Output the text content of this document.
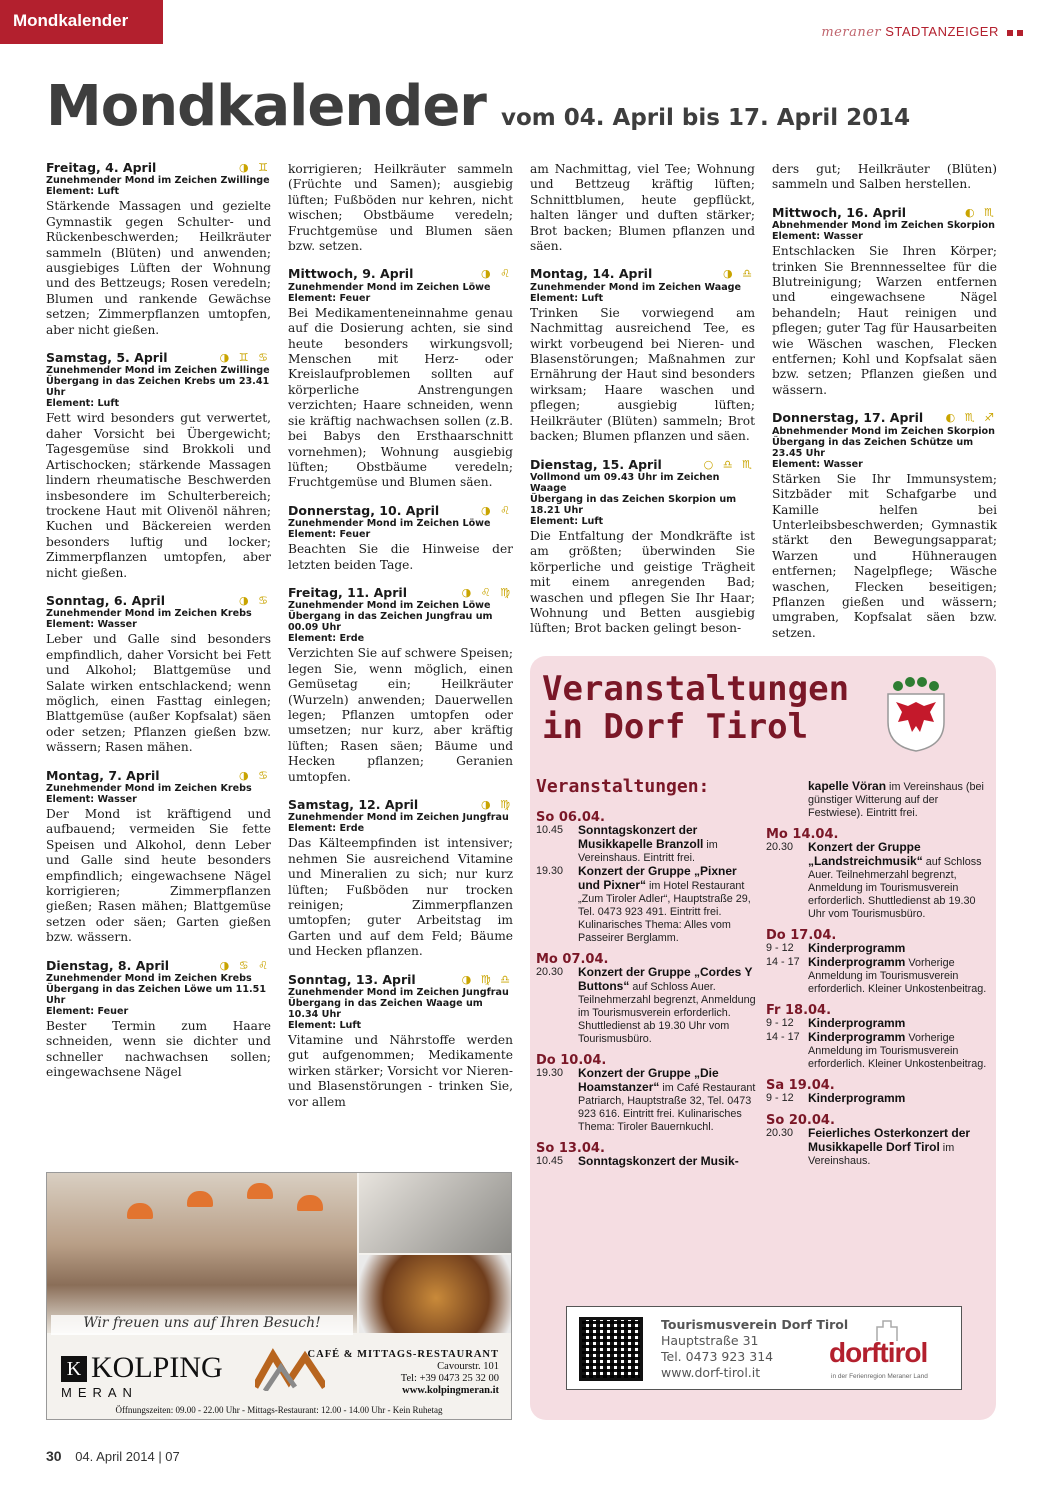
Mondkalender
meraner STADTANZEIGER
Mondkalender vom 04. April bis 17. April 2014
Freitag, 4. April	◑ ♊
Zunehmender Mond im Zeichen Zwillinge
Element: Luft
Stärkende Massagen und gezielte Gymnastik gegen Schulter- und Rückenbeschwerden; Heilkräuter sammeln (Blüten) und anwenden; ausgiebiges Lüften der Wohnung und des Bettzeugs; Rosen veredeln; Blumen und rankende Gewächse setzen; Zimmerpflanzen umtopfen, aber nicht gießen.
Samstag, 5. April	◑ ♊ ♋
Zunehmender Mond im Zeichen Zwillinge
Übergang in das Zeichen Krebs um 23.41 Uhr
Element: Luft
Fett wird besonders gut verwertet, daher Vorsicht bei Übergewicht; Tagesgemüse sind Brokkoli und Artischocken; stärkende Massagen lindern rheumatische Beschwerden insbesondere im Schulterbereich; trockene Haut mit Olivenöl nähren; Kuchen und Bäckereien werden besonders luftig und locker; Zimmerpflanzen umtopfen, aber nicht gießen.
Sonntag, 6. April	◑ ♋
Zunehmender Mond im Zeichen Krebs
Element: Wasser
Leber und Galle sind besonders empfindlich, daher Vorsicht bei Fett und Alkohol; Blattgemüse und Salate wirken entschlackend; wenn möglich, einen Fasttag einlegen; Blattgemüse (außer Kopfsalat) säen oder setzen; Pflanzen gießen bzw. wässern; Rasen mähen.
Montag, 7. April	◑ ♋
Zunehmender Mond im Zeichen Krebs
Element: Wasser
Der Mond ist kräftigend und aufbauend; vermeiden Sie fette Speisen und Alkohol, denn Leber und Galle sind heute besonders empfindlich; eingewachsene Nägel korrigieren; Zimmerpflanzen gießen; Rasen mähen; Blattgemüse setzen oder säen; Garten gießen bzw. wässern.
Dienstag, 8. April	◑ ♋ ♌
Zunehmender Mond im Zeichen Krebs
Übergang in das Zeichen Löwe um 11.51 Uhr
Element: Feuer
Bester Termin zum Haare schneiden, wenn sie dichter und schneller nachwachsen sollen; eingewachsene Nägel
korrigieren; Heilkräuter sammeln (Früchte und Samen); ausgiebig lüften; Fußböden nur kehren, nicht wischen; Obstbäume veredeln; Fruchtgemüse und Blumen säen bzw. setzen.
Mittwoch, 9. April	◑ ♌
Zunehmender Mond im Zeichen Löwe
Element: Feuer
Bei Medikamenteneinnahme genau auf die Dosierung achten, sie sind heute besonders wirkungsvoll; Menschen mit Herz- oder Kreislaufproblemen sollten auf körperliche Anstrengungen verzichten; Haare schneiden, wenn sie kräftig nachwachsen sollen (z.B. bei Babys den Ersthaarschnitt vornehmen); Wohnung ausgiebig lüften; Obstbäume veredeln; Fruchtgemüse und Blumen säen.
Donnerstag, 10. April	◑ ♌
Zunehmender Mond im Zeichen Löwe
Element: Feuer
Beachten Sie die Hinweise der letzten beiden Tage.
Freitag, 11. April	◑ ♌ ♍
Zunehmender Mond im Zeichen Löwe
Übergang in das Zeichen Jungfrau um 00.09 Uhr
Element: Erde
Verzichten Sie auf schwere Speisen; legen Sie, wenn möglich, einen Gemüsetag ein; Heilkräuter (Wurzeln) anwenden; Dauerwellen legen; Pflanzen umtopfen oder umsetzen; nur kurz, aber kräftig lüften; Rasen säen; Bäume und Hecken pflanzen; Geranien umtopfen.
Samstag, 12. April	◑ ♍
Zunehmender Mond im Zeichen Jungfrau
Element: Erde
Das Kälteempfinden ist intensiver; nehmen Sie ausreichend Vitamine und Mineralien zu sich; nur kurz lüften; Fußböden nur trocken reinigen; Zimmerpflanzen umtopfen; guter Arbeitstag im Garten und auf dem Feld; Bäume und Hecken pflanzen.
Sonntag, 13. April	◑ ♍ ♎
Zunehmender Mond im Zeichen Jungfrau
Übergang in das Zeichen Waage um 10.34 Uhr
Element: Luft
Vitamine und Nährstoffe werden gut aufgenommen; Medikamente wirken stärker; Vorsicht vor Nieren- und Blasenstörungen - trinken Sie, vor allem
am Nachmittag, viel Tee; Wohnung und Bettzeug kräftig lüften; Schnittblumen, heute gepflückt, halten länger und duften stärker; Brot backen; Blumen pflanzen und säen.
Montag, 14. April	◑ ♎
Zunehmender Mond im Zeichen Waage
Element: Luft
Trinken Sie vorwiegend am Nachmittag ausreichend Tee, es wirkt vorbeugend bei Nieren- und Blasenstörungen; Maßnahmen zur Ernährung der Haut sind besonders wirksam; Haare waschen und pflegen; ausgiebig lüften; Heilkräuter (Blüten) sammeln; Brot backen; Blumen pflanzen und säen.
Dienstag, 15. April	○ ♎ ♏
Vollmond um 09.43 Uhr im Zeichen Waage
Übergang in das Zeichen Skorpion um 18.21 Uhr
Element: Luft
Die Entfaltung der Mondkräfte ist am größten; überwinden Sie körperliche und geistige Trägheit mit einem anregenden Bad; waschen und pflegen Sie Ihr Haar; Wohnung und Betten ausgiebig lüften; Brot backen gelingt beson-
ders gut; Heilkräuter (Blüten) sammeln und Salben herstellen.
Mittwoch, 16. April	◐ ♏
Abnehmender Mond im Zeichen Skorpion
Element: Wasser
Entschlacken Sie Ihren Körper; trinken Sie Brennnesseltee für die Blutreinigung; Warzen entfernen und eingewachsene Nägel behandeln; Haut reinigen und pflegen; guter Tag für Hausarbeiten wie Wäschen waschen, Flecken entfernen; Kohl und Kopfsalat säen bzw. setzen; Pflanzen gießen und wässern.
Donnerstag, 17. April ◐ ♏ ♐
Abnehmender Mond im Zeichen Skorpion
Übergang in das Zeichen Schütze um 23.45 Uhr
Element: Wasser
Stärken Sie Ihr Immunsystem; Sitzbäder mit Schafgarbe und Kamille helfen bei Unterleibsbeschwerden; Gymnastik stärkt den Bewegungsapparat; Warzen und Hühneraugen entfernen; Nagelpflege; Wäsche waschen, Flecken beseitigen; Pflanzen gießen und wässern; umgraben, Kopfsalat säen bzw. setzen.
Wir freuen uns auf Ihren Besuch!
K KOLPING
MERAN
CAFÉ & MITTAGS-RESTAURANT
Cavourstr. 101
Tel: +39 0473 25 32 00
www.kolpingmeran.it
Öffnungszeiten: 09.00 - 22.00 Uhr - Mittags-Restaurant: 12.00 - 14.00 Uhr - Kein Ruhetag
Veranstaltungen
in Dorf Tirol
Veranstaltungen:
So 06.04.
10.45	Sonntagskonzert der Musikkapelle Branzoll im Vereinshaus. Eintritt frei.
19.30	Konzert der Gruppe „Pixner und Pixner“ im Hotel Restaurant „Zum Tiroler Adler“, Hauptstraße 29, Tel. 0473 923 491. Eintritt frei. Kulinarisches Thema: Alles vom Passeirer Berglamm.
Mo 07.04.
20.30	Konzert der Gruppe „Cordes Y Buttons“ auf Schloss Auer. Teilnehmerzahl begrenzt, Anmeldung im Tourismusverein erforderlich. Shuttledienst ab 19.30 Uhr vom Tourismusbüro.
Do 10.04.
19.30	Konzert der Gruppe „Die Hoamstanzer“ im Café Restaurant Patriarch, Hauptstraße 32, Tel. 0473 923 616. Eintritt frei. Kulinarisches Thema: Tiroler Bauernkuchl.
So 13.04.
10.45	Sonntagskonzert der Musik-
kapelle Vöran im Vereinshaus (bei günstiger Witterung auf der Festwiese). Eintritt frei.
Mo 14.04.
20.30	Konzert der Gruppe „Landstreichmusik“ auf Schloss Auer. Teilnehmerzahl begrenzt, Anmeldung im Tourismusverein erforderlich. Shuttledienst ab 19.30 Uhr vom Tourismusbüro.
Do 17.04.
9 - 12	Kinderprogramm
14 - 17 Kinderprogramm Vorherige Anmeldung im Tourismusverein erforderlich. Kleiner Unkostenbeitrag.
Fr 18.04.
9 - 12	Kinderprogramm
14 - 17 Kinderprogramm Vorherige Anmeldung im Tourismusverein erforderlich. Kleiner Unkostenbeitrag.
Sa 19.04.
9 - 12	Kinderprogramm
So 20.04.
20.30	Feierliches Osterkonzert der Musikkapelle Dorf Tirol im Vereinshaus.
Tourismusverein Dorf Tirol
Hauptstraße 31
Tel. 0473 923 314
www.dorf-tirol.it
dorftirol
in der Ferienregion Meraner Land
30 04. April 2014 | 07
